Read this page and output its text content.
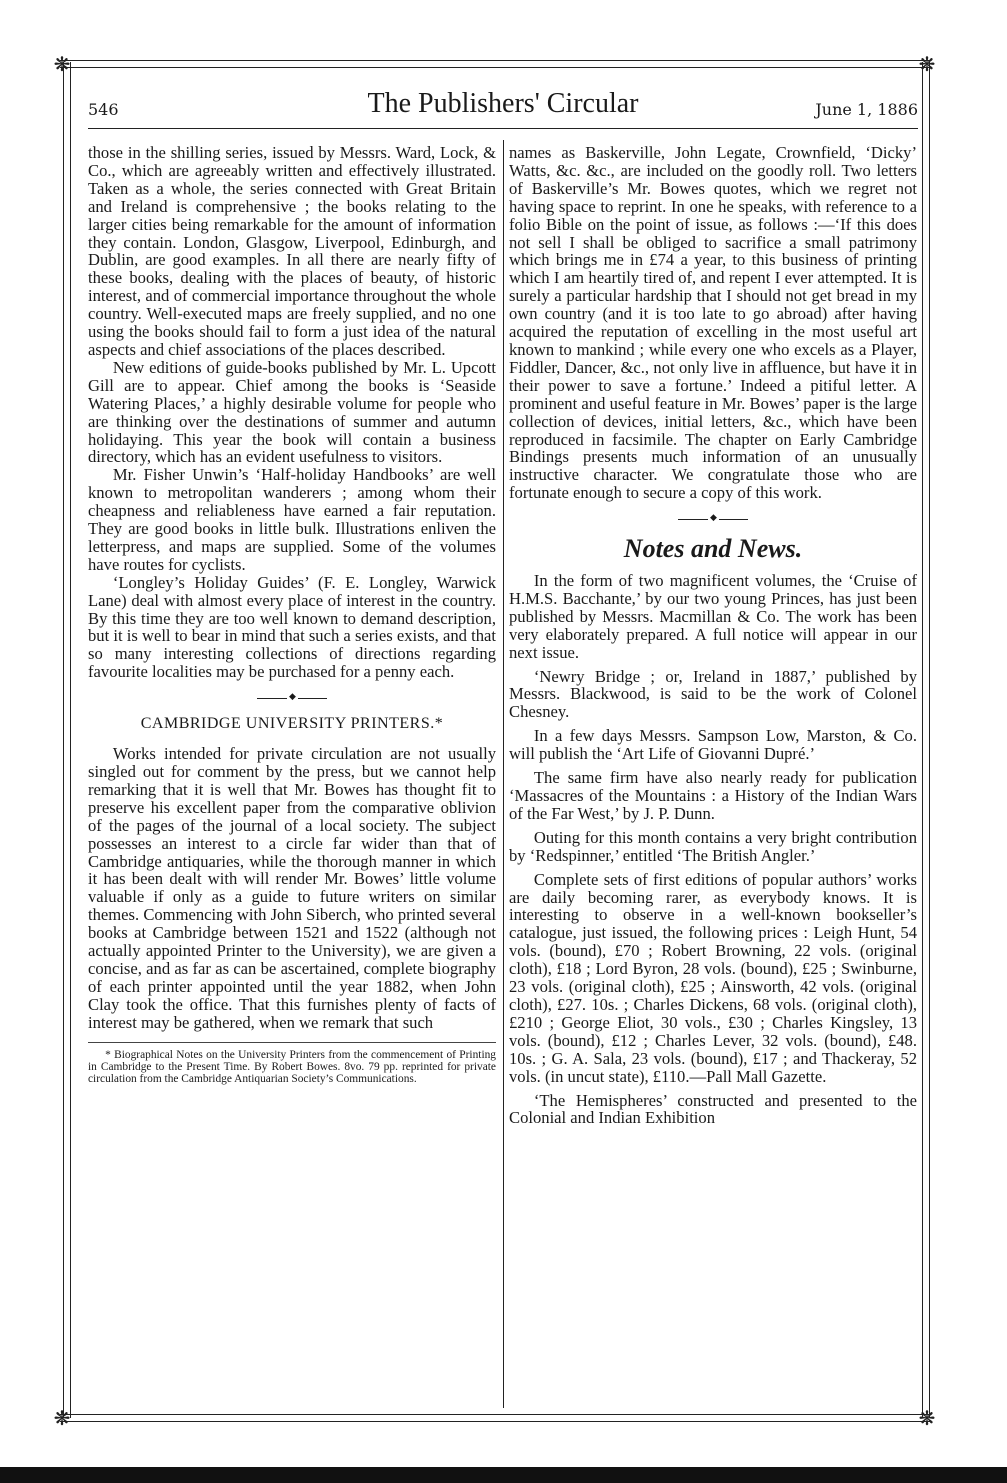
❋	❋
❋	❋
546	The Publishers' Circular	June 1, 1886

those in the shilling series, issued by Messrs. Ward, Lock, & Co., which are agreeably written and effectively illustrated. Taken as a whole, the series connected with Great Britain and Ireland is comprehensive ; the books relating to the larger cities being remarkable for the amount of information they contain. London, Glasgow, Liverpool, Edinburgh, and Dublin, are good examples. In all there are nearly fifty of these books, dealing with the places of beauty, of historic interest, and of commercial importance throughout the whole country. Well-executed maps are freely supplied, and no one using the books should fail to form a just idea of the natural aspects and chief associations of the places described.

New editions of guide-books published by Mr. L. Upcott Gill are to appear. Chief among the books is ‘Seaside Watering Places,’ a highly desirable volume for people who are thinking over the destinations of summer and autumn holidaying. This year the book will contain a business directory, which has an evident usefulness to visitors.

Mr. Fisher Unwin’s ‘Half-holiday Handbooks’ are well known to metropolitan wanderers ; among whom their cheapness and reliableness have earned a fair reputation. They are good books in little bulk. Illustrations enliven the letterpress, and maps are supplied. Some of the volumes have routes for cyclists.

‘Longley’s Holiday Guides’ (F. E. Longley, Warwick Lane) deal with almost every place of interest in the country. By this time they are too well known to demand description, but it is well to bear in mind that such a series exists, and that so many interesting collections of directions regarding favourite localities may be purchased for a penny each.

◆
CAMBRIDGE UNIVERSITY PRINTERS.*

Works intended for private circulation are not usually singled out for comment by the press, but we cannot help remarking that it is well that Mr. Bowes has thought fit to preserve his excellent paper from the comparative oblivion of the pages of the journal of a local society. The subject possesses an interest to a circle far wider than that of Cambridge antiquaries, while the thorough manner in which it has been dealt with will render Mr. Bowes’ little volume valuable if only as a guide to future writers on similar themes. Commencing with John Siberch, who printed several books at Cambridge between 1521 and 1522 (although not actually appointed Printer to the University), we are given a concise, and as far as can be ascertained, complete biography of each printer appointed until the year 1882, when John Clay took the office. That this furnishes plenty of facts of interest may be gathered, when we remark that such

* Biographical Notes on the University Printers from the commencement of Printing in Cambridge to the Present Time. By Robert Bowes. 8vo. 79 pp. reprinted for private circulation from the Cambridge Antiquarian Society’s Communications.

names as Baskerville, John Legate, Crownfield, ‘Dicky’ Watts, &c. &c., are included on the goodly roll. Two letters of Baskerville’s Mr. Bowes quotes, which we regret not having space to reprint. In one he speaks, with reference to a folio Bible on the point of issue, as follows :—‘If this does not sell I shall be obliged to sacrifice a small patrimony which brings me in £74 a year, to this business of printing which I am heartily tired of, and repent I ever attempted. It is surely a particular hardship that I should not get bread in my own country (and it is too late to go abroad) after having acquired the reputation of excelling in the most useful art known to mankind ; while every one who excels as a Player, Fiddler, Dancer, &c., not only live in affluence, but have it in their power to save a fortune.’ Indeed a pitiful letter. A prominent and useful feature in Mr. Bowes’ paper is the large collection of devices, initial letters, &c., which have been reproduced in facsimile. The chapter on Early Cambridge Bindings presents much information of an unusually instructive character. We congratulate those who are fortunate enough to secure a copy of this work.

◆
Notes and News.

In the form of two magnificent volumes, the ‘Cruise of H.M.S. Bacchante,’ by our two young Princes, has just been published by Messrs. Macmillan & Co. The work has been very elaborately prepared. A full notice will appear in our next issue.

‘Newry Bridge ; or, Ireland in 1887,’ published by Messrs. Blackwood, is said to be the work of Colonel Chesney.

In a few days Messrs. Sampson Low, Marston, & Co. will publish the ‘Art Life of Giovanni Dupré.’

The same firm have also nearly ready for publication ‘Massacres of the Mountains : a History of the Indian Wars of the Far West,’ by J. P. Dunn.

Outing for this month contains a very bright contribution by ‘Redspinner,’ entitled ‘The British Angler.’

Complete sets of first editions of popular authors’ works are daily becoming rarer, as everybody knows. It is interesting to observe in a well-known bookseller’s catalogue, just issued, the following prices : Leigh Hunt, 54 vols. (bound), £70 ; Robert Browning, 22 vols. (original cloth), £18 ; Lord Byron, 28 vols. (bound), £25 ; Swinburne, 23 vols. (original cloth), £25 ; Ainsworth, 42 vols. (original cloth), £27. 10s. ; Charles Dickens, 68 vols. (original cloth), £210 ; George Eliot, 30 vols., £30 ; Charles Kingsley, 13 vols. (bound), £12 ; Charles Lever, 32 vols. (bound), £48. 10s. ; G. A. Sala, 23 vols. (bound), £17 ; and Thackeray, 52 vols. (in uncut state), £110.—Pall Mall Gazette.

‘The Hemispheres’ constructed and presented to the Colonial and Indian Exhibition
